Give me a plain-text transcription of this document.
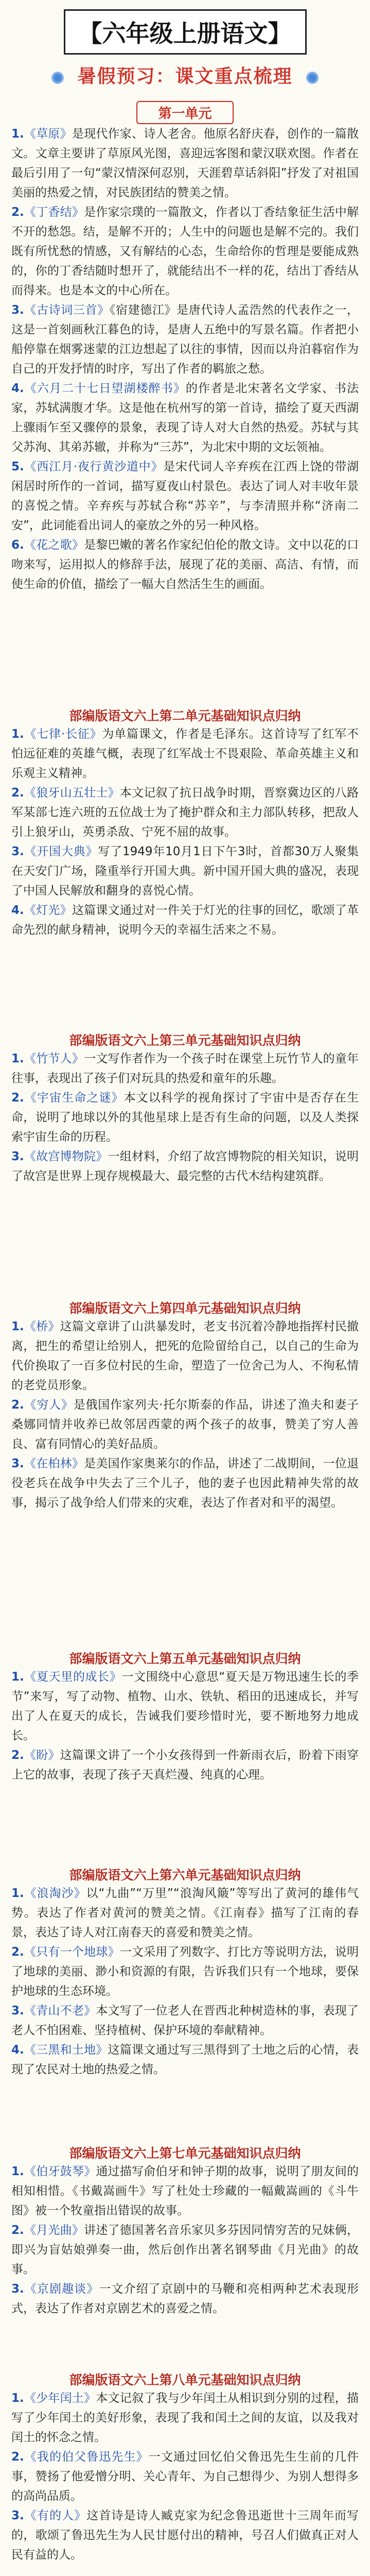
【六年级上册语文】
暑假预习：课文重点梳理
第一单元

1.《草原》是现代作家、诗人老舍。他原名舒庆春，创作的一篇散文。文章主要讲了草原风光图，喜迎远客图和蒙汉联欢图。作者在最后引用了一句“蒙汉情深何忍别，天涯碧草话斜阳”抒发了对祖国美丽的热爱之情，对民族团结的赞美之情。

2.《丁香结》是作家宗璞的一篇散文，作者以丁香结象征生活中解不开的愁怨。结，是解不开的；人生中的问题也是解不完的。我们既有所忧愁的情感，又有解结的心态，生命给你的哲理是要能成熟的，你的丁香结随时想开了，就能结出不一样的花，结出丁香结从而得来。也是本文的中心所在。

3.《古诗词三首》《宿建德江》是唐代诗人孟浩然的代表作之一，这是一首刻画秋江暮色的诗，是唐人五绝中的写景名篇。作者把小船停靠在烟雾迷蒙的江边想起了以往的事情，因而以舟泊暮宿作为自己的开发抒情的时序，写出了作者的羁旅之愁。

4.《六月二十七日望湖楼醉书》的作者是北宋著名文学家、书法家，苏轼满腹才华。这是他在杭州写的第一首诗，描绘了夏天西湖上骤雨乍至又骤停的景象，表现了诗人对大自然的热爱。苏轼与其父苏洵、其弟苏辙，并称为“三苏”，为北宋中期的文坛领袖。

5.《西江月·夜行黄沙道中》是宋代词人辛弃疾在江西上饶的带湖闲居时所作的一首词，描写夏夜山村景色。表达了词人对丰收年景的喜悦之情。辛弃疾与苏轼合称“苏辛”，与李清照并称“济南二安”，此词能看出词人的豪放之外的另一种风格。

6.《花之歌》是黎巴嫩的著名作家纪伯伦的散文诗。文中以花的口吻来写，运用拟人的修辞手法，展现了花的美丽、高洁、有情，而使生命的价值，描绘了一幅大自然活生生的画面。

部编版语文六上第二单元基础知识点归纳

1.《七律·长征》为单篇课文，作者是毛泽东。这首诗写了红军不怕远征难的英雄气概，表现了红军战士不畏艰险、革命英雄主义和乐观主义精神。

2.《狼牙山五壮士》本文记叙了抗日战争时期，晋察冀边区的八路军某部七连六班的五位战士为了掩护群众和主力部队转移，把敌人引上狼牙山，英勇杀敌、宁死不屈的故事。

3.《开国大典》写了1949年10月1日下午3时，首都30万人聚集在天安门广场，隆重举行开国大典。新中国开国大典的盛况，表现了中国人民解放和翻身的喜悦心情。

4.《灯光》这篇课文通过对一件关于灯光的往事的回忆，歌颂了革命先烈的献身精神，说明今天的幸福生活来之不易。

部编版语文六上第三单元基础知识点归纳

1.《竹节人》一文写作者作为一个孩子时在课堂上玩竹节人的童年往事，表现出了孩子们对玩具的热爱和童年的乐趣。

2.《宇宙生命之谜》本文以科学的视角探讨了宇宙中是否存在生命，说明了地球以外的其他星球上是否有生命的问题，以及人类探索宇宙生命的历程。

3.《故宫博物院》一组材料，介绍了故宫博物院的相关知识，说明了故宫是世界上现存规模最大、最完整的古代木结构建筑群。

部编版语文六上第四单元基础知识点归纳

1.《桥》这篇文章讲了山洪暴发时，老支书沉着冷静地指挥村民撤离，把生的希望让给别人，把死的危险留给自己，以自己的生命为代价换取了一百多位村民的生命，塑造了一位舍己为人、不徇私情的老党员形象。

2.《穷人》是俄国作家列夫·托尔斯泰的作品，讲述了渔夫和妻子桑娜同情并收养已故邻居西蒙的两个孩子的故事，赞美了穷人善良、富有同情心的美好品质。

3.《在柏林》是美国作家奥莱尔的作品，讲述了二战期间，一位退役老兵在战争中失去了三个儿子，他的妻子也因此精神失常的故事，揭示了战争给人们带来的灾难，表达了作者对和平的渴望。

部编版语文六上第五单元基础知识点归纳

1.《夏天里的成长》一文围绕中心意思“夏天是万物迅速生长的季节”来写，写了动物、植物、山水、铁轨、稻田的迅速成长，并写出了人在夏天的成长，告诫我们要珍惜时光，要不断地努力地成长。

2.《盼》这篇课文讲了一个小女孩得到一件新雨衣后，盼着下雨穿上它的故事，表现了孩子天真烂漫、纯真的心理。

部编版语文六上第六单元基础知识点归纳

1.《浪淘沙》以“九曲”“万里”“浪淘风簸”等写出了黄河的雄伟气势。表达了作者对黄河的赞美之情。《江南春》描写了江南的春景，表达了诗人对江南春天的喜爱和赞美之情。

2.《只有一个地球》一文采用了列数字、打比方等说明方法，说明了地球的美丽、渺小和资源的有限，告诉我们只有一个地球，要保护地球的生态环境。

3.《青山不老》本文写了一位老人在晋西北种树造林的事，表现了老人不怕困难、坚持植树、保护环境的奉献精神。

4.《三黑和土地》这篇课文通过写三黑得到了土地之后的心情，表现了农民对土地的热爱之情。

部编版语文六上第七单元基础知识点归纳

1.《伯牙鼓琴》通过描写俞伯牙和钟子期的故事，说明了朋友间的相知相惜。《书戴嵩画牛》写了杜处士珍藏的一幅戴嵩画的《斗牛图》被一个牧童指出错误的故事。

2.《月光曲》讲述了德国著名音乐家贝多芬因同情穷苦的兄妹俩，即兴为盲姑娘弹奏一曲，然后创作出著名钢琴曲《月光曲》的故事。

3.《京剧趣谈》一文介绍了京剧中的马鞭和亮相两种艺术表现形式，表达了作者对京剧艺术的喜爱之情。

部编版语文六上第八单元基础知识点归纳

1.《少年闰土》本文记叙了我与少年闰土从相识到分别的过程，描写了少年闰土的美好形象，表现了我和闰土之间的友谊，以及我对闰土的怀念之情。

2.《我的伯父鲁迅先生》一文通过回忆伯父鲁迅先生生前的几件事，赞扬了他爱憎分明、关心青年、为自己想得少、为别人想得多的高尚品质。

3.《有的人》这首诗是诗人臧克家为纪念鲁迅逝世十三周年而写的，歌颂了鲁迅先生为人民甘愿付出的精神，号召人们做真正对人民有益的人。
